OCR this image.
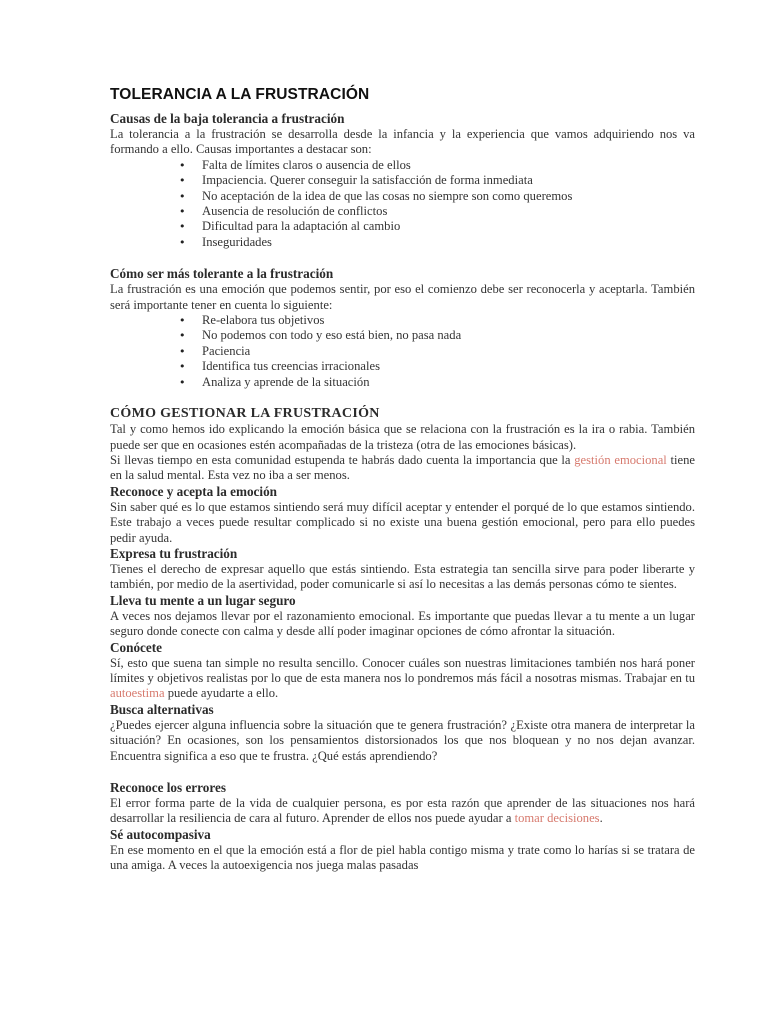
TOLERANCIA A LA FRUSTRACIÓN
Causas de la baja tolerancia a frustración

La tolerancia a la frustración se desarrolla desde la infancia y la experiencia que vamos adquiriendo nos va formando a ello. Causas importantes a destacar son:

• Falta de límites claros o ausencia de ellos
• Impaciencia. Querer conseguir la satisfacción de forma inmediata
• No aceptación de la idea de que las cosas no siempre son como queremos
• Ausencia de resolución de conflictos
• Dificultad para la adaptación al cambio
• Inseguridades
Cómo ser más tolerante a la frustración

La frustración es una emoción que podemos sentir, por eso el comienzo debe ser reconocerla y aceptarla. También será importante tener en cuenta lo siguiente:

• Re-elabora tus objetivos
• No podemos con todo y eso está bien, no pasa nada
• Paciencia
• Identifica tus creencias irracionales
• Analiza y aprende de la situación
CÓMO GESTIONAR LA FRUSTRACIÓN

Tal y como hemos ido explicando la emoción básica que se relaciona con la frustración es la ira o rabia. También puede ser que en ocasiones estén acompañadas de la tristeza (otra de las emociones básicas).

Si llevas tiempo en esta comunidad estupenda te habrás dado cuenta la importancia que la gestión emocional tiene en la salud mental. Esta vez no iba a ser menos.

Reconoce y acepta la emoción

Sin saber qué es lo que estamos sintiendo será muy difícil aceptar y entender el porqué de lo que estamos sintiendo. Este trabajo a veces puede resultar complicado si no existe una buena gestión emocional, pero para ello puedes pedir ayuda.

Expresa tu frustración

Tienes el derecho de expresar aquello que estás sintiendo. Esta estrategia tan sencilla sirve para poder liberarte y también, por medio de la asertividad, poder comunicarle si así lo necesitas a las demás personas cómo te sientes.

Lleva tu mente a un lugar seguro

A veces nos dejamos llevar por el razonamiento emocional. Es importante que puedas llevar a tu mente a un lugar seguro donde conecte con calma y desde allí poder imaginar opciones de cómo afrontar la situación.

Conócete

Sí, esto que suena tan simple no resulta sencillo. Conocer cuáles son nuestras limitaciones también nos hará poner límites y objetivos realistas por lo que de esta manera nos lo pondremos más fácil a nosotras mismas. Trabajar en tu autoestima puede ayudarte a ello.

Busca alternativas

¿Puedes ejercer alguna influencia sobre la situación que te genera frustración? ¿Existe otra manera de interpretar la situación? En ocasiones, son los pensamientos distorsionados los que nos bloquean y no nos dejan avanzar. Encuentra significa a eso que te frustra. ¿Qué estás aprendiendo?

Reconoce los errores

El error forma parte de la vida de cualquier persona, es por esta razón que aprender de las situaciones nos hará desarrollar la resiliencia de cara al futuro. Aprender de ellos nos puede ayudar a tomar decisiones.

Sé autocompasiva

En ese momento en el que la emoción está a flor de piel habla contigo misma y trate como lo harías si se tratara de una amiga. A veces la autoexigencia nos juega malas pasadas
